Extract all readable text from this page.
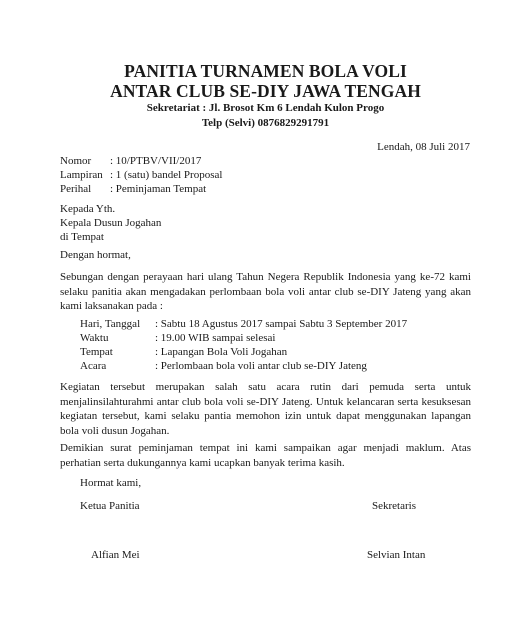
PANITIA TURNAMEN BOLA VOLI
ANTAR CLUB SE-DIY JAWA TENGAH
Sekretariat : Jl. Brosot Km 6 Lendah Kulon Progo
Telp (Selvi) 0876829291791
Lendah, 08 Juli 2017
Nomor : 10/PTBV/VII/2017
Lampiran : 1 (satu) bandel Proposal
Perihal : Peminjaman Tempat
Kepada Yth.
Kepala Dusun Jogahan
di Tempat
Dengan hormat,
Sebungan dengan perayaan hari ulang Tahun Negera Republik Indonesia yang ke-72 kami selaku panitia akan mengadakan perlombaan bola voli antar club se-DIY Jateng yang akan kami laksanakan pada :
Hari, Tanggal : Sabtu 18 Agustus 2017 sampai Sabtu 3 September 2017
Waktu	: 19.00 WIB sampai selesai
Tempat	: Lapangan Bola Voli Jogahan
Acara	: Perlombaan bola voli antar club se-DIY Jateng
Kegiatan tersebut merupakan salah satu acara rutin dari pemuda serta untuk menjalinsilahturahmi antar club bola voli se-DIY Jateng. Untuk kelancaran serta kesuksesan kegiatan tersebut, kami selaku pantia memohon izin untuk dapat menggunakan lapangan bola voli dusun Jogahan.
Demikian surat peminjaman tempat ini kami sampaikan agar menjadi maklum. Atas perhatian serta dukungannya kami ucapkan banyak terima kasih.
Hormat kami,
Ketua Panitia	Sekretaris
Alfian Mei	Selvian Intan
